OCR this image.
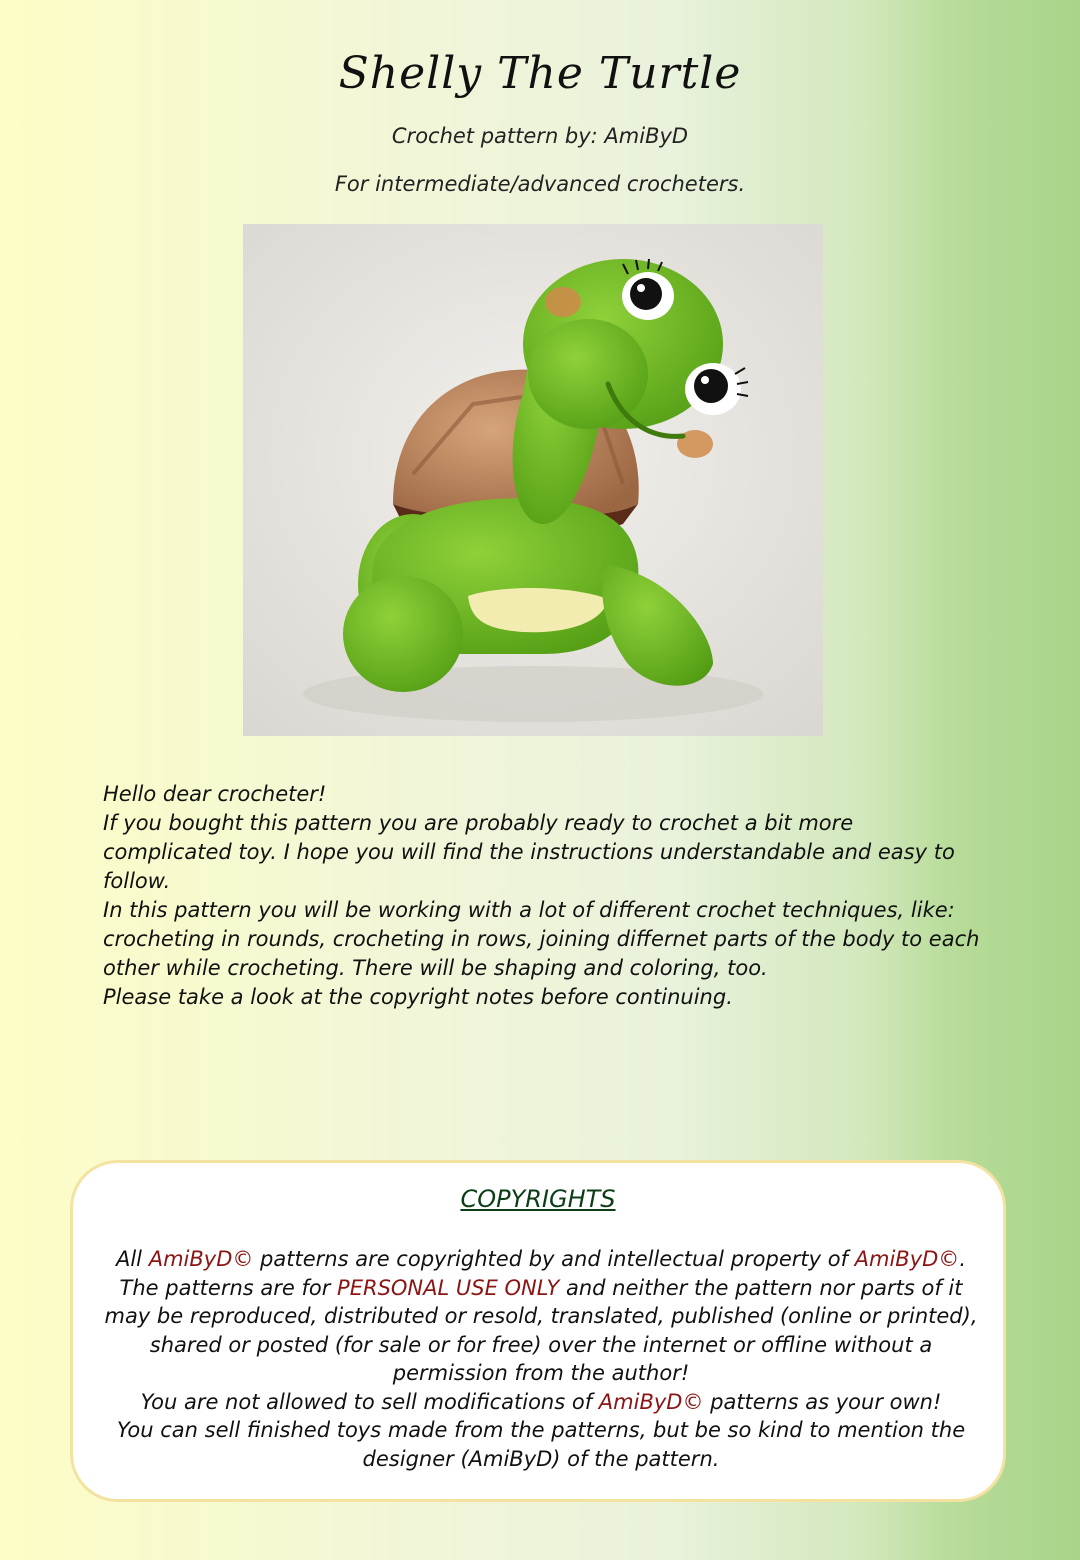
Shelly The Turtle
Crochet pattern by: AmiByD
For intermediate/advanced crocheters.

Hello dear crocheter!

If you bought this pattern you are probably ready to crochet a bit more complicated toy. I hope you will find the instructions understandable and easy to follow.

In this pattern you will be working with a lot of different crochet techniques, like: crocheting in rounds, crocheting in rows, joining differnet parts of the body to each other while crocheting. There will be shaping and coloring, too.

Please take a look at the copyright notes before continuing.

COPYRIGHTS
All AmiByD© patterns are copyrighted by and intellectual property of AmiByD©.
The patterns are for PERSONAL USE ONLY and neither the pattern nor parts of it may be reproduced, distributed or resold, translated, published (online or printed), shared or posted (for sale or for free) over the internet or offline without a permission from the author!
You are not allowed to sell modifications of AmiByD© patterns as your own!
You can sell finished toys made from the patterns, but be so kind to mention the designer (AmiByD) of the pattern.
